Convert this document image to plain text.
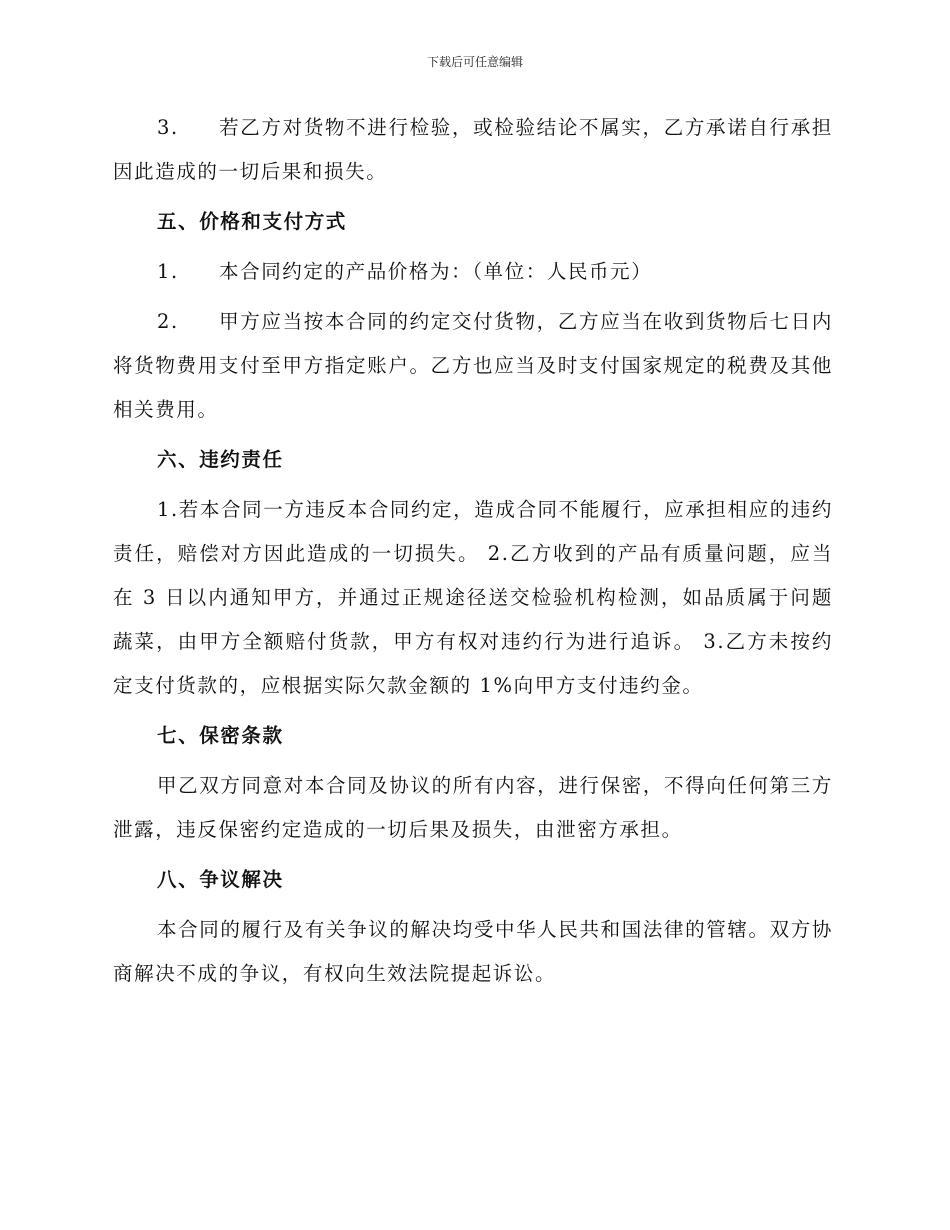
下载后可任意编辑

3. 若乙方对货物不进行检验，或检验结论不属实，乙方承诺自行承担因此造成的一切后果和损失。

五、价格和支付方式

1. 本合同约定的产品价格为：（单位：人民币元）

2. 甲方应当按本合同的约定交付货物，乙方应当在收到货物后七日内将货物费用支付至甲方指定账户。乙方也应当及时支付国家规定的税费及其他相关费用。

六、违约责任

1.若本合同一方违反本合同约定，造成合同不能履行，应承担相应的违约责任，赔偿对方因此造成的一切损失。 2.乙方收到的产品有质量问题，应当在 3 日以内通知甲方，并通过正规途径送交检验机构检测，如品质属于问题蔬菜，由甲方全额赔付货款，甲方有权对违约行为进行追诉。 3.乙方未按约定支付货款的，应根据实际欠款金额的 1%向甲方支付违约金。

七、保密条款

甲乙双方同意对本合同及协议的所有内容，进行保密，不得向任何第三方泄露，违反保密约定造成的一切后果及损失，由泄密方承担。

八、争议解决

本合同的履行及有关争议的解决均受中华人民共和国法律的管辖。双方协商解决不成的争议，有权向生效法院提起诉讼。
